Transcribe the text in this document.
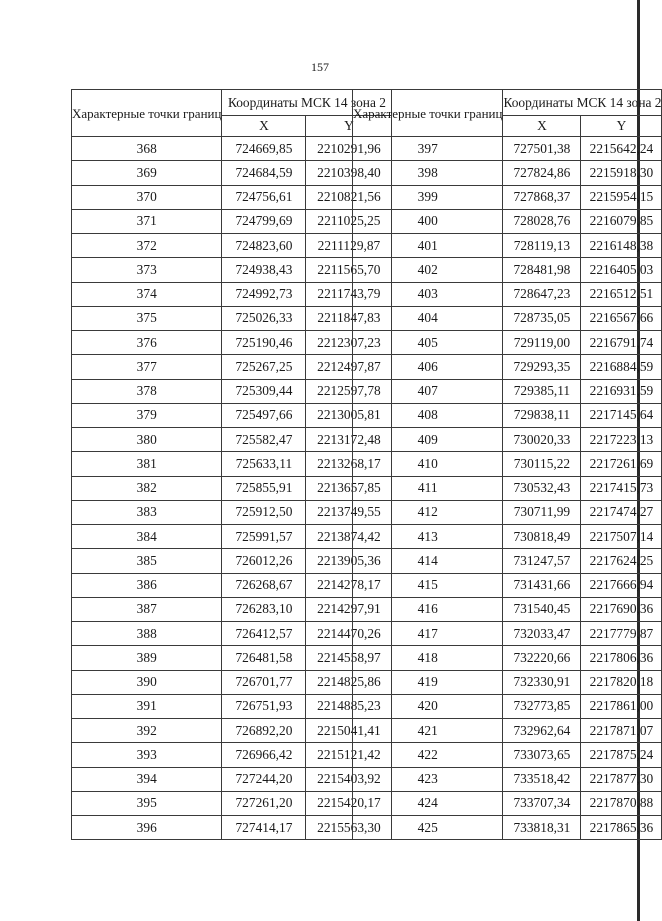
157
Характерные точки границ	Координаты МСК 14 зона 2	
	X	Y
368	724669,85	2210291,96
369	724684,59	2210398,40
370	724756,61	2210821,56
371	724799,69	2211025,25
372	724823,60	2211129,87
373	724938,43	2211565,70
374	724992,73	2211743,79
375	725026,33	2211847,83
376	725190,46	2212307,23
377	725267,25	2212497,87
378	725309,44	2212597,78
379	725497,66	2213005,81
380	725582,47	2213172,48
381	725633,11	2213268,17
382	725855,91	2213657,85
383	725912,50	2213749,55
384	725991,57	2213874,42
385	726012,26	2213905,36
386	726268,67	2214278,17
387	726283,10	2214297,91
388	726412,57	2214470,26
389	726481,58	2214558,97
390	726701,77	2214825,86
391	726751,93	2214885,23
392	726892,20	2215041,41
393	726966,42	2215121,42
394	727244,20	2215403,92
395	727261,20	2215420,17
396	727414,17	2215563,30
Характерные точки границ	Координаты МСК 14 зона 2	
	X	Y
397	727501,38	2215642,24
398	727824,86	2215918,30
399	727868,37	2215954,15
400	728028,76	2216079,85
401	728119,13	2216148,38
402	728481,98	2216405,03
403	728647,23	2216512,51
404	728735,05	2216567,66
405	729119,00	2216791,74
406	729293,35	2216884,59
407	729385,11	2216931,59
408	729838,11	2217145,64
409	730020,33	2217223,13
410	730115,22	2217261,69
411	730532,43	2217415,73
412	730711,99	2217474,27
413	730818,49	2217507,14
414	731247,57	2217624,25
415	731431,66	2217666,94
416	731540,45	2217690,36
417	732033,47	2217779,87
418	732220,66	2217806,36
419	732330,91	2217820,18
420	732773,85	2217861,00
421	732962,64	2217871,07
422	733073,65	2217875,24
423	733518,42	2217877,30
424	733707,34	2217870,88
425	733818,31	2217865,36
